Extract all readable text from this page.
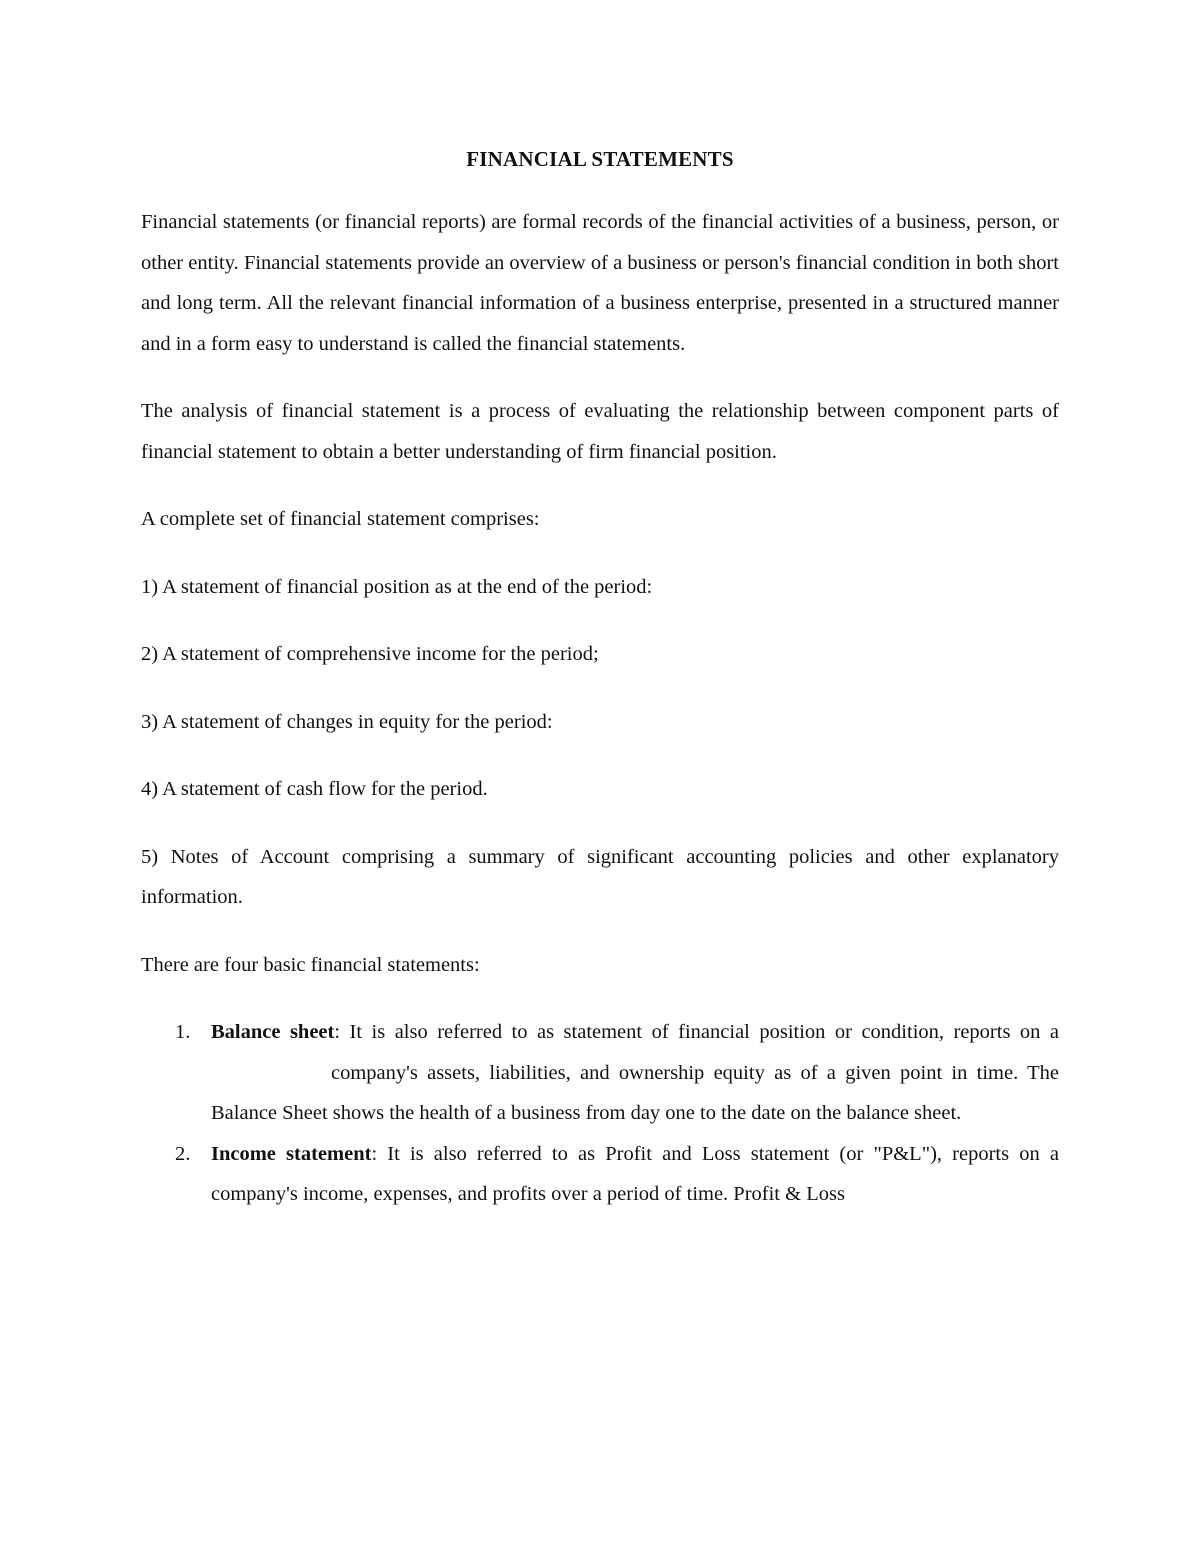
FINANCIAL STATEMENTS

Financial statements (or financial reports) are formal records of the financial activities of a business, person, or other entity. Financial statements provide an overview of a business or person's financial condition in both short and long term. All the relevant financial information of a business enterprise, presented in a structured manner and in a form easy to understand is called the financial statements.

The analysis of financial statement is a process of evaluating the relationship between component parts of financial statement to obtain a better understanding of firm financial position.

A complete set of financial statement comprises:

1) A statement of financial position as at the end of the period:

2) A statement of comprehensive income for the period;

3) A statement of changes in equity for the period:

4) A statement of cash flow for the period.

5) Notes of Account comprising a summary of significant accounting policies and other explanatory information.

There are four basic financial statements:

1. Balance sheet: It is also referred to as statement of financial position or condition, reports on acompany's assets, liabilities, and ownership equity as of a given point in time. The Balance Sheet shows the health of a business from day one to the date on the balance sheet.
2. Income statement: It is also referred to as Profit and Loss statement (or "P&L"), reports on a company's income, expenses, and profits over a period of time. Profit & Loss
